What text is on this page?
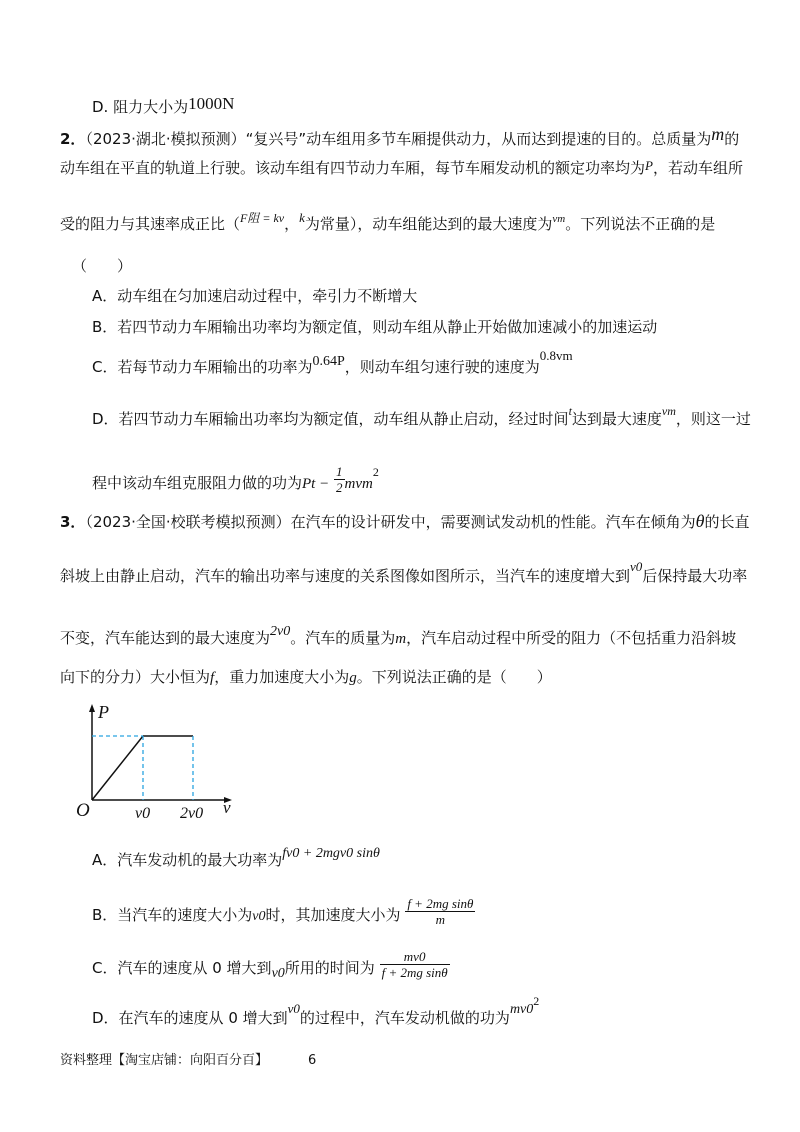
D. 阻力大小为1000N
2．（2023·湖北·模拟预测）“复兴号”动车组用多节车厢提供动力，从而达到提速的目的。总质量为m的
动车组在平直的轨道上行驶。该动车组有四节动力车厢，每节车厢发动机的额定功率均为P，若动车组所
受的阻力与其速率成正比（$^{F阻 = kv}$，k为常量），动车组能达到的最大速度为$^{vm}$。下列说法不正确的是
（　　）
A．动车组在匀加速启动过程中，牵引力不断增大
B．若四节动力车厢输出功率均为额定值，则动车组从静止开始做加速减小的加速运动
C．若每节动力车厢输出的功率为0.64P，则动车组匀速行驶的速度为0.8vm
D．若四节动力车厢输出功率均为额定值，动车组从静止启动，经过时间$^t$达到最大速度$^{vm}$，则这一过
程中该动车组克服阻力做的功为$Pt - \frac{1}{2} mvm^2$
3．（2023·全国·校联考模拟预测）在汽车的设计研发中，需要测试发动机的性能。汽车在倾角为θ的长直
斜坡上由静止启动，汽车的输出功率与速度的关系图像如图所示，当汽车的速度增大到v0后保持最大功率
不变，汽车能达到的最大速度为2v0。汽车的质量为m，汽车启动过程中所受的阻力（不包括重力沿斜坡
向下的分力）大小恒为f，重力加速度大小为g。下列说法正确的是（　　）
P
v
O	v0 2v0
A．汽车发动机的最大功率为fv0 + 2mgv0 sinθ
B．当汽车的速度大小为v0时，其加速度大小为 $\frac{\text{f + 2mg sinθ}}{m}$
C．汽车的速度从 0 增大到v0所用的时间为 $\frac{mv0}{\text{f + 2mg sinθ}}$
D．在汽车的速度从 0 增大到v0的过程中，汽车发动机做的功为$mv0^2$
资料整理【淘宝店铺：向阳百分百】	6
